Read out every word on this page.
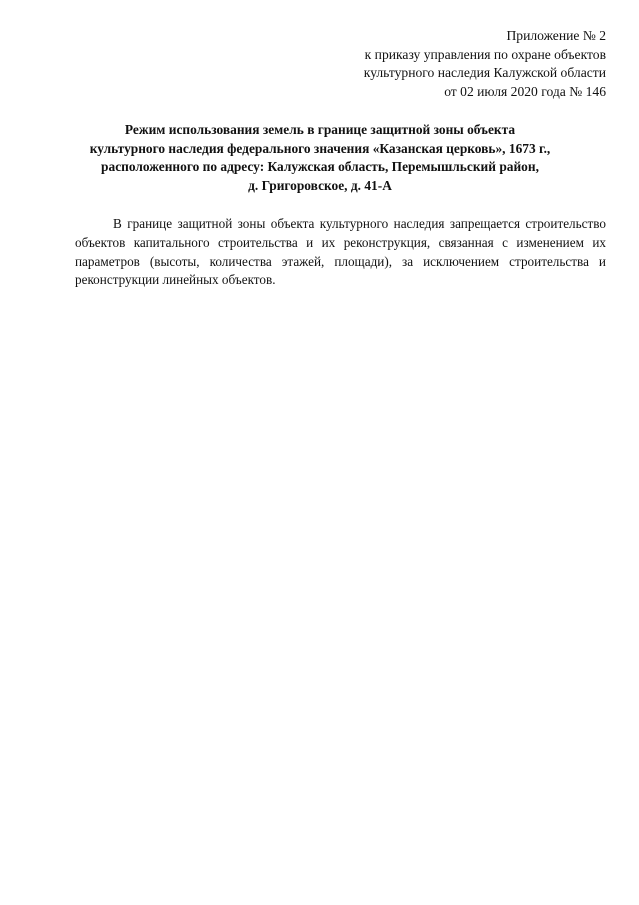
Приложение № 2
к приказу управления по охране объектов
культурного наследия Калужской области
от 02 июля 2020 года № 146
Режим использования земель в границе защитной зоны объекта
культурного наследия федерального значения «Казанская церковь», 1673 г.,
расположенного по адресу: Калужская область, Перемышльский район,
д. Григоровское, д. 41-А

В границе защитной зоны объекта культурного наследия запрещается строительство объектов капитального строительства и их реконструкция, связанная с изменением их параметров (высоты, количества этажей, площади), за исключением строительства и реконструкции линейных объектов.
